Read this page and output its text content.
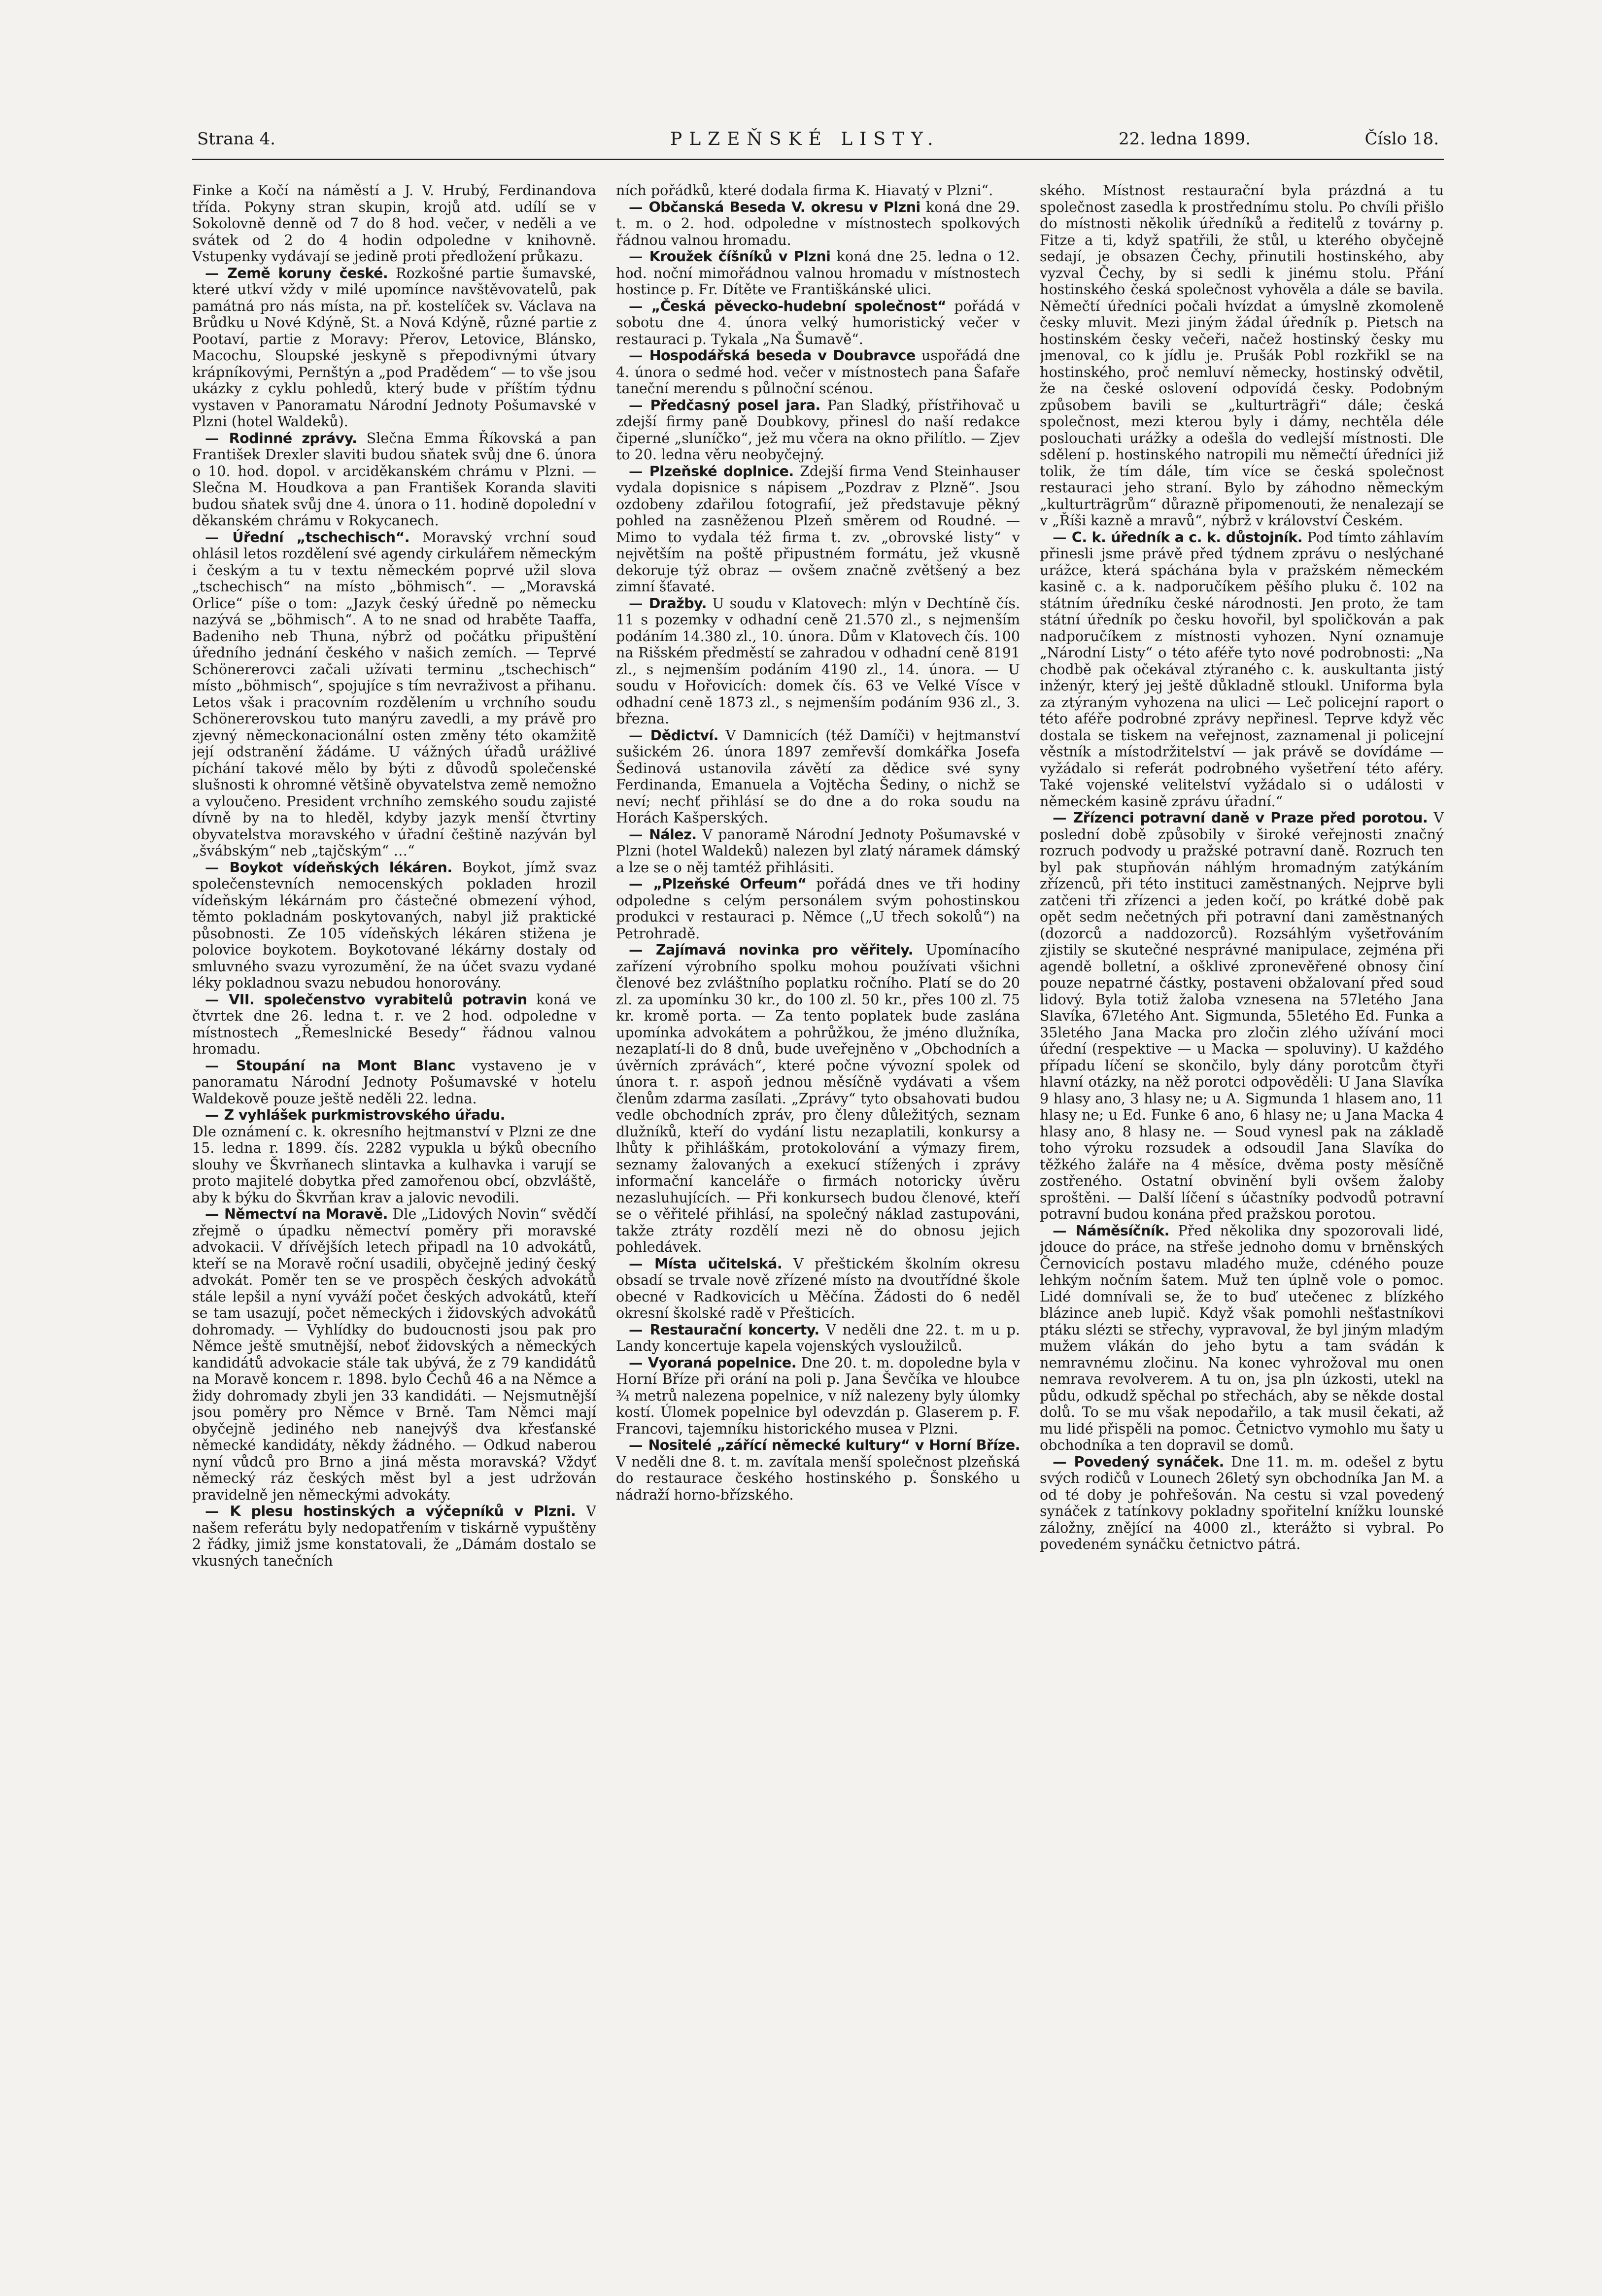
Strana 4.	PLZEŇSKÉ LISTY.	22. ledna 1899.	Číslo 18.

Finke a Kočí na náměstí a J. V. Hrubý, Ferdinandova třída. Pokyny stran skupin, krojů atd. udílí se v Sokolovně denně od 7 do 8 hod. večer, v neděli a ve svátek od 2 do 4 hodin odpoledne v knihovně. Vstupenky vydávají se jedině proti předložení průkazu.

— Země koruny české. Rozkošné partie šumavské, které utkví vždy v milé upomínce navštěvovatelů, pak památná pro nás místa, na př. kostelíček sv. Václava na Brůdku u Nové Kdýně, St. a Nová Kdýně, různé partie z Pootaví, partie z Moravy: Přerov, Letovice, Blánsko, Macochu, Sloupské jeskyně s přepodivnými útvary krápníkovými, Pernštýn a „pod Pradědem“ — to vše jsou ukázky z cyklu pohledů, který bude v příštím týdnu vystaven v Panoramatu Národní Jednoty Pošumavské v Plzni (hotel Waldeků).

— Rodinné zprávy. Slečna Emma Říkovská a pan František Drexler slaviti budou sňatek svůj dne 6. února o 10. hod. dopol. v arciděkanském chrámu v Plzni. — Slečna M. Houdkova a pan František Koranda slaviti budou sňatek svůj dne 4. února o 11. hodině dopolední v děkanském chrámu v Rokycanech.

— Úřední „tschechisch“. Moravský vrchní soud ohlásil letos rozdělení své agendy cirkulářem německým i českým a tu v textu německém poprvé užil slova „tschechisch“ na místo „böhmisch“. — „Moravská Orlice“ píše o tom: „Jazyk český úředně po německu nazývá se „böhmisch“. A to ne snad od hraběte Taaffa, Badeniho neb Thuna, nýbrž od počátku připuštění úředního jednání českého v našich zemích. — Teprvé Schönererovci začali užívati terminu „tschechisch“ místo „böhmisch“, spojujíce s tím nevraživost a přihanu. Letos však i pracovním rozdělením u vrchního soudu Schönererovskou tuto manýru zavedli, a my právě pro zjevný německonacionální osten změny této okamžitě její odstranění žádáme. U vážných úřadů urážlivé píchání takové mělo by býti z důvodů společenské slušnosti k ohromné většině obyvatelstva země nemožno a vyloučeno. President vrchního zemského soudu zajisté dívně by na to hleděl, kdyby jazyk menší čtvrtiny obyvatelstva moravského v úřadní češtině nazýván byl „švábským“ neb „tajčským“ …“

— Boykot vídeňských lékáren. Boykot, jímž svaz společenstevních nemocenských pokladen hrozil vídeňským lékárnám pro částečné obmezení výhod, těmto pokladnám poskytovaných, nabyl již praktické působnosti. Ze 105 vídeňských lékáren stižena je polovice boykotem. Boykotované lékárny dostaly od smluvného svazu vyrozumění, že na účet svazu vydané léky pokladnou svazu nebudou honorovány.

— VII. společenstvo vyrabitelů potravin koná ve čtvrtek dne 26. ledna t. r. ve 2 hod. odpoledne v místnostech „Řemeslnické Besedy“ řádnou valnou hromadu.

— Stoupání na Mont Blanc vystaveno je v panoramatu Národní Jednoty Pošumavské v hotelu Waldekově pouze ještě neděli 22. ledna.

— Z vyhlášek purkmistrovského úřadu.

Dle oznámení c. k. okresního hejtmanství v Plzni ze dne 15. ledna r. 1899. čís. 2282 vypukla u býků obecního slouhy ve Škvrňanech slintavka a kulhavka i varují se proto majitelé dobytka před zamořenou obcí, obzvláště, aby k býku do Škvrňan krav a jalovic nevodili.

— Němectví na Moravě. Dle „Lidových Novin“ svědčí zřejmě o úpadku němectví poměry při moravské advokacii. V dřívějších letech připadl na 10 advokátů, kteří se na Moravě roční usadili, obyčejně jediný český advokát. Poměr ten se ve prospěch českých advokátů stále lepšil a nyní vyváží počet českých advokátů, kteří se tam usazují, počet německých i židovských advokátů dohromady. — Vyhlídky do budoucnosti jsou pak pro Němce ještě smutnější, neboť židovských a německých kandidátů advokacie stále tak ubývá, že z 79 kandidátů na Moravě koncem r. 1898. bylo Čechů 46 a na Němce a židy dohromady zbyli jen 33 kandidáti. — Nejsmutnější jsou poměry pro Němce v Brně. Tam Němci mají obyčejně jediného neb nanejvýš dva křesťanské německé kandidáty, někdy žádného. — Odkud naberou nyní vůdců pro Brno a jiná města moravská? Vždyť německý ráz českých měst byl a jest udržován pravidelně jen německými advokáty.

— K plesu hostinských a výčepníků v Plzni. V našem referátu byly nedopatřením v tiskárně vypuštěny 2 řádky, jimiž jsme konstatovali, že „Dámám dostalo se vkusných tanečních

ních pořádků, které dodala firma K. Hiavatý v Plzni“.

— Občanská Beseda V. okresu v Plzni koná dne 29. t. m. o 2. hod. odpoledne v místnostech spolkových řádnou valnou hromadu.

— Kroužek číšníků v Plzni koná dne 25. ledna o 12. hod. noční mimořádnou valnou hromadu v místnostech hostince p. Fr. Dítěte ve Františkánské ulici.

— „Česká pěvecko-hudební společnost“ pořádá v sobotu dne 4. února velký humoristický večer v restauraci p. Tykala „Na Šumavě“.

— Hospodářská beseda v Doubravce uspořádá dne 4. února o sedmé hod. večer v místnostech pana Šafaře taneční merendu s půlnoční scénou.

— Předčasný posel jara. Pan Sladký, přístřihovač u zdejší firmy paně Doubkovy, přinesl do naší redakce čiperné „sluníčko“, jež mu včera na okno přilítlo. — Zjev to 20. ledna věru neobyčejný.

— Plzeňské doplnice. Zdejší firma Vend Steinhauser vydala dopisnice s nápisem „Pozdrav z Plzně“. Jsou ozdobeny zdařilou fotografií, jež představuje pěkný pohled na zasněženou Plzeň směrem od Roudné. — Mimo to vydala též firma t. zv. „obrovské listy“ v největším na poště připustném formátu, jež vkusně dekoruje týž obraz — ovšem značně zvětšený a bez zimní šťavaté.

— Dražby. U soudu v Klatovech: mlýn v Dechtíně čís. 11 s pozemky v odhadní ceně 21.570 zl., s nejmenším podáním 14.380 zl., 10. února. Dům v Klatovech čís. 100 na Rišském předměstí se zahradou v odhadní ceně 8191 zl., s nejmenším podáním 4190 zl., 14. února. — U soudu v Hořovicích: domek čís. 63 ve Velké Víscе v odhadní ceně 1873 zl., s nejmenším podáním 936 zl., 3. března.

— Dědictví. V Damnicích (též Damíči) v hejtmanství sušickém 26. února 1897 zemřevší domkářka Josefa Šedinová ustanovila závětí za dědice své syny Ferdinanda, Emanuela a Vojtěcha Šediny, o nichž se neví; nechť přihlásí se do dne a do roka soudu na Horách Kašperských.

— Nález. V panoramě Národní Jednoty Pošumavské v Plzni (hotel Waldeků) nalezen byl zlatý náramek dámský a lze se o něj tamtéž přihlásiti.

— „Plzeňské Orfeum“ pořádá dnes ve tři hodiny odpoledne s celým personálem svým pohostinskou produkci v restauraci p. Němce („U třech sokolů“) na Petrohradě.

— Zajímavá novinka pro věřitely. Upomínacího zařízení výrobního spolku mohou používati všichni členové bez zvláštního poplatku ročního. Platí se do 20 zl. za upomínku 30 kr., do 100 zl. 50 kr., přes 100 zl. 75 kr. kromě porta. — Za tento poplatek bude zaslána upomínka advokátem a pohrůžkou, že jméno dlužníka, nezaplatí-li do 8 dnů, bude uveřejněno v „Obchodních a úvěrních zprávách“, které počne vývozní spolek od února t. r. aspoň jednou měsíčně vydávati a všem členům zdarma zasílati. „Zprávy“ tyto obsahovati budou vedle obchodních zpráv, pro členy důležitých, seznam dlužníků, kteří do vydání listu nezaplatili, konkursy a lhůty k přihláškám, protokolování a výmazy firem, seznamy žalovaných a exekucí stížených i zprávy informační kanceláře o firmách notoricky úvěru nezasluhujících. — Při konkursech budou členové, kteří se o věřitelé přihlásí, na společný náklad zastupováni, takže ztráty rozdělí mezi ně do obnosu jejich pohledávek.

— Místa učitelská. V přeštickém školním okresu obsadí se trvale nově zřízené místo na dvoutřídné škole obecné v Radkovicích u Měčína. Žádosti do 6 neděl okresní školské radě v Přešticích.

— Restaurační koncerty. V neděli dne 22. t. m u p. Landy koncertuje kapela vojenských vysloužilců.

— Vyoraná popelnice. Dne 20. t. m. dopoledne byla v Horní Bříze při orání na poli p. Jana Ševčíka ve hloubce ¾ metrů nalezena popelnice, v níž nalezeny byly úlomky kostí. Úlomek popelnice byl odevzdán p. Glaserem p. F. Francovi, tajemníku historického musea v Plzni.

— Nositelé „zářící německé kultury“ v Horní Bříze. V neděli dne 8. t. m. zavítala menší společnost plzeňská do restaurace českého hostinského p. Šonského u nádraží horno-břízského.

ského. Místnost restaurační byla prázdná a tu společnost zasedla k prostřednímu stolu. Po chvíli přišlo do místnosti několik úředníků a ředitelů z továrny p. Fitze a ti, když spatřili, že stůl, u kterého obyčejně sedají, je obsazen Čechy, přinutili hostinského, aby vyzval Čechy, by si sedli k jinému stolu. Přání hostinského česká společnost vyhověla a dále se bavila. Němečtí úředníci počali hvízdat a úmyslně zkomoleně česky mluvit. Mezi jiným žádal úředník p. Pietsch na hostinském česky večeři, načež hostinský česky mu jmenoval, co k jídlu je. Prušák Pobl rozkřikl se na hostinského, proč nemluví německy, hostinský odvětil, že na české oslovení odpovídá česky. Podobným způsobem bavili se „kulturträgři“ dále; česká společnost, mezi kterou byly i dámy, nechtěla déle poslouchati urážky a odešla do vedlejší místnosti. Dle sdělení p. hostinského natropili mu němečtí úředníci již tolik, že tím dále, tím více se česká společnost restauraci jeho straní. Bylo by záhodno německým „kulturträgrům“ důrazně připomenouti, že nenalezají se v „Říši kazně a mravů“, nýbrž v království Českém.

— C. k. úředník a c. k. důstojník. Pod tímto záhlavím přinesli jsme právě před týdnem zprávu o neslýchané urážce, která spáchána byla v pražském německém kasině c. a k. nadporučíkem pěšího pluku č. 102 na státním úředníku české národnosti. Jen proto, že tam státní úředník po česku hovořil, byl spoličkován a pak nadporučíkem z místnosti vyhozen. Nyní oznamuje „Národní Listy“ o této aféře tyto nové podrobnosti: „Na chodbě pak očekával ztýraného c. k. auskultanta jistý inženýr, který jej ještě důkladně stloukl. Uniforma byla za ztýraným vyhozena na ulici — Leč policejní raport o této aféře podrobné zprávy nepřinesl. Teprve když věc dostala se tiskem na veřejnost, zaznamenal ji policejní věstník a místodržitelství — jak právě se dovídáme — vyžádalo si referát podrobného vyšetření této aféry. Také vojenské velitelství vyžádalo si o události v německém kasině zprávu úřadní.“

— Zřízenci potravní daně v Praze před porotou. V poslední době způsobily v široké veřejnosti značný rozruch podvody u pražské potravní daně. Rozruch ten byl pak stupňován náhlým hromadným zatýkáním zřízenců, při této instituci zaměstnaných. Nejprve byli zatčeni tři zřízenci a jeden kočí, po krátké době pak opět sedm nečetných při potravní dani zaměstnaných (dozorců a naddozorců). Rozsáhlým vyšetřováním zjistily se skutečné nesprávné manipulace, zejména při agendě bolletní, a ošklivé zpronevěřené obnosy činí pouze nepatrné částky, postaveni obžalovaní před soud lidový. Byla totiž žaloba vznesena na 57letého Jana Slavíka, 67letého Ant. Sigmunda, 55letého Ed. Funka a 35letého Jana Macka pro zločin zlého užívání moci úřední (respektive — u Macka — spoluviny). U každého případu líčení se skončilo, byly dány porotcům čtyři hlavní otázky, na něž porotci odpověděli: U Jana Slavíka 9 hlasy ano, 3 hlasy ne; u A. Sigmunda 1 hlasem ano, 11 hlasy ne; u Ed. Funke 6 ano, 6 hlasy ne; u Jana Macka 4 hlasy ano, 8 hlasy ne. — Soud vynesl pak na základě toho výroku rozsudek a odsoudil Jana Slavíka do těžkého žaláře na 4 měsíce, dvěma posty měsíčně zostřeného. Ostatní obvinění byli ovšem žaloby sproštěni. — Další líčení s účastníky podvodů potravní potravní budou konána před pražskou porotou.

— Náměsíčník. Před několika dny spozorovali lidé, jdouce do práce, na střeše jednoho domu v brněnských Černovicích postavu mladého muže, cdéného pouze lehkým nočním šatem. Muž ten úplně vole o pomoc. Lidé domnívali se, že to buď utečenec z blízkého blázince aneb lupič. Když však pomohli nešťastníkovi ptáku slézti se střechy, vypravoval, že byl jiným mladým mužem vlákán do jeho bytu a tam svádán k nemravnému zločinu. Na konec vyhrožoval mu onen nemrava revolverem. A tu on, jsa pln úzkosti, utekl na půdu, odkudž spěchal po střechách, aby se někde dostal dolů. To se mu však nepodařilo, a tak musil čekati, až mu lidé přispěli na pomoc. Četnictvo vymohlo mu šaty u obchodníka a ten dopravil se domů.

— Povedený synáček. Dne 11. m. m. odešel z bytu svých rodičů v Lounech 26letý syn obchodníka Jan M. a od té doby je pohřešován. Na cestu si vzal povedený synáček z tatínkovy pokladny spořitelní knížku lounské záložny, znějící na 4000 zl., kterážto si vybral. Po povedeném synáčku četnictvo pátrá.
